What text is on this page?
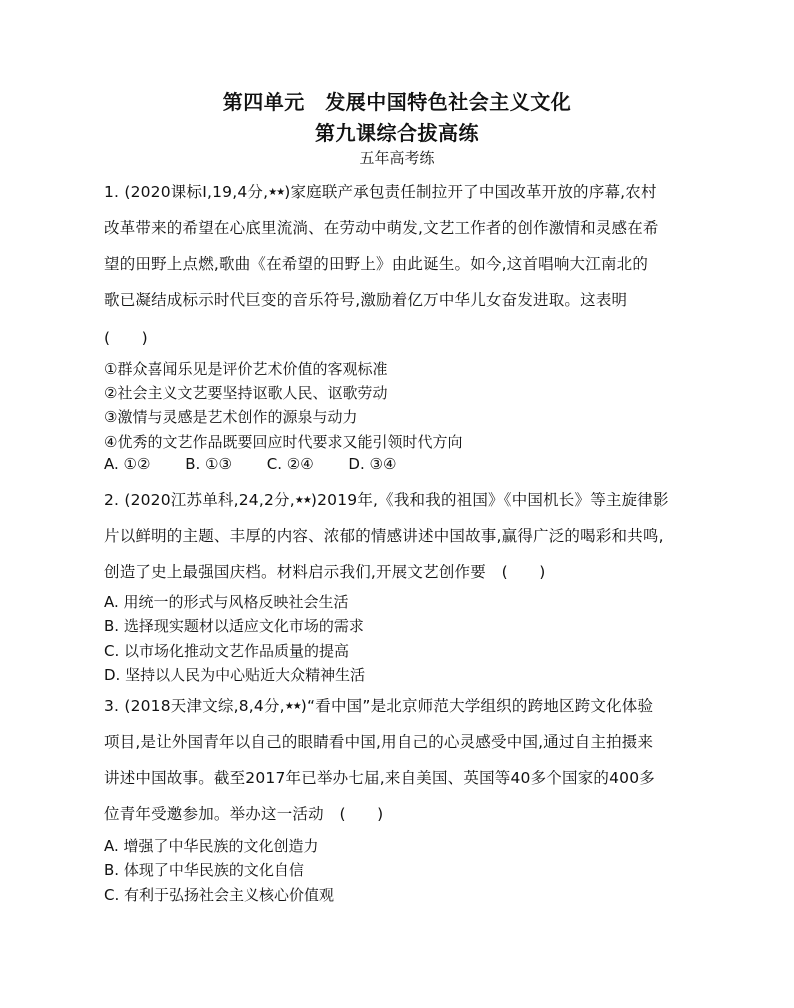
第四单元　发展中国特色社会主义文化
第九课综合拔高练
五年高考练
1. (2020课标Ⅰ,19,4分,★★)家庭联产承包责任制拉开了中国改革开放的序幕,农村
改革带来的希望在心底里流淌、在劳动中萌发,文艺工作者的创作激情和灵感在希
望的田野上点燃,歌曲《在希望的田野上》由此诞生。如今,这首唱响大江南北的
歌已凝结成标示时代巨变的音乐符号,激励着亿万中华儿女奋发进取。这表明
(　　)
①群众喜闻乐见是评价艺术价值的客观标准
②社会主义文艺要坚持讴歌人民、讴歌劳动
③激情与灵感是艺术创作的源泉与动力
④优秀的文艺作品既要回应时代要求又能引领时代方向
A. ①② B. ①③ C. ②④ D. ③④
2. (2020江苏单科,24,2分,★★)2019年,《我和我的祖国》《中国机长》等主旋律影
片以鲜明的主题、丰厚的内容、浓郁的情感讲述中国故事,赢得广泛的喝彩和共鸣,
创造了史上最强国庆档。材料启示我们,开展文艺创作要　(　　)
A. 用统一的形式与风格反映社会生活
B. 选择现实题材以适应文化市场的需求
C. 以市场化推动文艺作品质量的提高
D. 坚持以人民为中心贴近大众精神生活
3. (2018天津文综,8,4分,★★)“看中国”是北京师范大学组织的跨地区跨文化体验
项目,是让外国青年以自己的眼睛看中国,用自己的心灵感受中国,通过自主拍摄来
讲述中国故事。截至2017年已举办七届,来自美国、英国等40多个国家的400多
位青年受邀参加。举办这一活动　(　　)
A. 增强了中华民族的文化创造力
B. 体现了中华民族的文化自信
C. 有利于弘扬社会主义核心价值观
